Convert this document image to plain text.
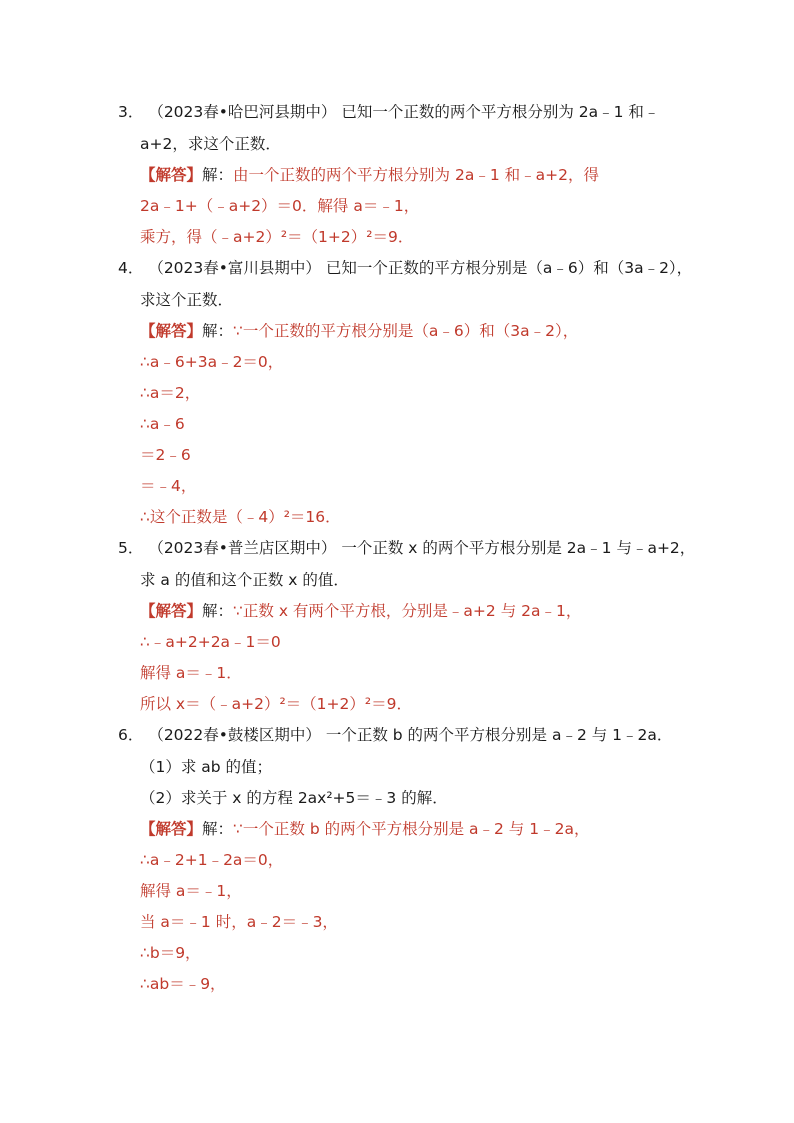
3． （2023春•哈巴河县期中） 已知一个正数的两个平方根分别为 2a﹣1 和﹣
a+2，求这个正数．
【解答】解：由一个正数的两个平方根分别为 2a﹣1 和﹣a+2，得
2a﹣1+（﹣a+2）＝0．解得 a＝﹣1，
乘方，得（﹣a+2）²＝（1+2）²＝9．
4． （2023春•富川县期中） 已知一个正数的平方根分别是（a﹣6）和（3a﹣2），
求这个正数．
【解答】解：∵一个正数的平方根分别是（a﹣6）和（3a﹣2），
∴a﹣6+3a﹣2＝0，
∴a＝2，
∴a﹣6
＝2﹣6
＝﹣4，
∴这个正数是（﹣4）²＝16．
5． （2023春•普兰店区期中） 一个正数 x 的两个平方根分别是 2a﹣1 与﹣a+2，
求 a 的值和这个正数 x 的值．
【解答】解：∵正数 x 有两个平方根，分别是﹣a+2 与 2a﹣1，
∴﹣a+2+2a﹣1＝0
解得 a＝﹣1．
所以 x＝（﹣a+2）²＝（1+2）²＝9．
6． （2022春•鼓楼区期中） 一个正数 b 的两个平方根分别是 a﹣2 与 1﹣2a．
（1）求 ab 的值；
（2）求关于 x 的方程 2ax²+5＝﹣3 的解．
【解答】解：∵一个正数 b 的两个平方根分别是 a﹣2 与 1﹣2a，
∴a﹣2+1﹣2a＝0，
解得 a＝﹣1，
当 a＝﹣1 时，a﹣2＝﹣3，
∴b＝9，
∴ab＝﹣9，
